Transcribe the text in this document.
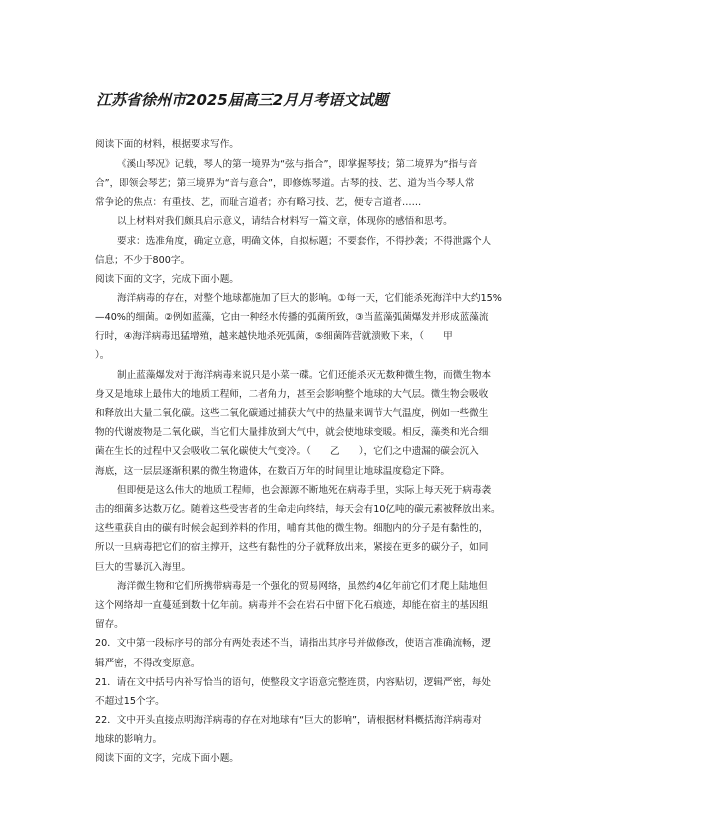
江苏省徐州市2025届高三2月月考语文试题
阅读下面的材料，根据要求写作。
《溪山琴况》记载，琴人的第一境界为“弦与指合”，即掌握琴技；第二境界为“指与音
合”，即领会琴艺；第三境界为“音与意合”，即修炼琴道。古琴的技、艺、道为当今琴人常
常争论的焦点：有重技、艺，而耻言道者；亦有略习技、艺，便专言道者……
以上材料对我们颇具启示意义，请结合材料写一篇文章，体现你的感悟和思考。
要求：选准角度，确定立意，明确文体，自拟标题；不要套作，不得抄袭；不得泄露个人
信息；不少于800字。
阅读下面的文字，完成下面小题。
海洋病毒的存在，对整个地球都施加了巨大的影响。①每一天，它们能杀死海洋中大约15%
—40%的细菌。②例如蓝藻，它由一种经水传播的弧菌所致，③当蓝藻弧菌爆发并形成蓝藻流
行时，④海洋病毒迅猛增殖，越来越快地杀死弧菌，⑤细菌阵营就溃败下来，（　　甲
）。
制止蓝藻爆发对于海洋病毒来说只是小菜一碟。它们还能杀灭无数种微生物，而微生物本
身又是地球上最伟大的地质工程师，二者角力，甚至会影响整个地球的大气层。微生物会吸收
和释放出大量二氧化碳。这些二氧化碳通过捕获大气中的热量来调节大气温度，例如一些微生
物的代谢废物是二氧化碳，当它们大量排放到大气中，就会使地球变暖。相反，藻类和光合细
菌在生长的过程中又会吸收二氧化碳使大气变冷。（　　乙　　），它们之中遗漏的碳会沉入
海底，这一层层逐渐积累的微生物遗体，在数百万年的时间里让地球温度稳定下降。
但即便是这么伟大的地质工程师，也会源源不断地死在病毒手里，实际上每天死于病毒袭
击的细菌多达数万亿。随着这些受害者的生命走向终结，每天会有10亿吨的碳元素被释放出来。
这些重获自由的碳有时候会起到养料的作用，哺育其他的微生物。细胞内的分子是有黏性的，
所以一旦病毒把它们的宿主撑开，这些有黏性的分子就释放出来，紧接在更多的碳分子，如同
巨大的雪暴沉入海里。
海洋微生物和它们所携带病毒是一个强化的贸易网络，虽然约4亿年前它们才爬上陆地但
这个网络却一直蔓延到数十亿年前。病毒并不会在岩石中留下化石痕迹，却能在宿主的基因组
留存。
20．文中第一段标序号的部分有两处表述不当，请指出其序号并做修改，使语言准确流畅，逻
辑严密，不得改变原意。
21．请在文中括号内补写恰当的语句，使整段文字语意完整连贯，内容贴切，逻辑严密，每处
不超过15个字。
22．文中开头直接点明海洋病毒的存在对地球有“巨大的影响”，请根据材料概括海洋病毒对
地球的影响力。
阅读下面的文字，完成下面小题。
